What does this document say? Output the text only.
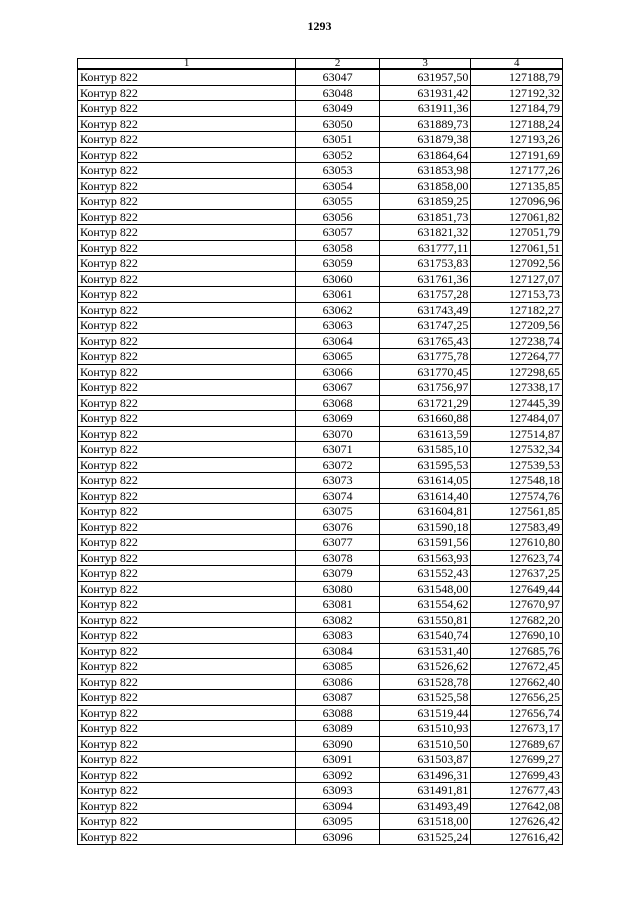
1293
1	2	3	4
Контур 822	63047	631957,50	127188,79
Контур 822	63048	631931,42	127192,32
Контур 822	63049	631911,36	127184,79
Контур 822	63050	631889,73	127188,24
Контур 822	63051	631879,38	127193,26
Контур 822	63052	631864,64	127191,69
Контур 822	63053	631853,98	127177,26
Контур 822	63054	631858,00	127135,85
Контур 822	63055	631859,25	127096,96
Контур 822	63056	631851,73	127061,82
Контур 822	63057	631821,32	127051,79
Контур 822	63058	631777,11	127061,51
Контур 822	63059	631753,83	127092,56
Контур 822	63060	631761,36	127127,07
Контур 822	63061	631757,28	127153,73
Контур 822	63062	631743,49	127182,27
Контур 822	63063	631747,25	127209,56
Контур 822	63064	631765,43	127238,74
Контур 822	63065	631775,78	127264,77
Контур 822	63066	631770,45	127298,65
Контур 822	63067	631756,97	127338,17
Контур 822	63068	631721,29	127445,39
Контур 822	63069	631660,88	127484,07
Контур 822	63070	631613,59	127514,87
Контур 822	63071	631585,10	127532,34
Контур 822	63072	631595,53	127539,53
Контур 822	63073	631614,05	127548,18
Контур 822	63074	631614,40	127574,76
Контур 822	63075	631604,81	127561,85
Контур 822	63076	631590,18	127583,49
Контур 822	63077	631591,56	127610,80
Контур 822	63078	631563,93	127623,74
Контур 822	63079	631552,43	127637,25
Контур 822	63080	631548,00	127649,44
Контур 822	63081	631554,62	127670,97
Контур 822	63082	631550,81	127682,20
Контур 822	63083	631540,74	127690,10
Контур 822	63084	631531,40	127685,76
Контур 822	63085	631526,62	127672,45
Контур 822	63086	631528,78	127662,40
Контур 822	63087	631525,58	127656,25
Контур 822	63088	631519,44	127656,74
Контур 822	63089	631510,93	127673,17
Контур 822	63090	631510,50	127689,67
Контур 822	63091	631503,87	127699,27
Контур 822	63092	631496,31	127699,43
Контур 822	63093	631491,81	127677,43
Контур 822	63094	631493,49	127642,08
Контур 822	63095	631518,00	127626,42
Контур 822	63096	631525,24	127616,42
